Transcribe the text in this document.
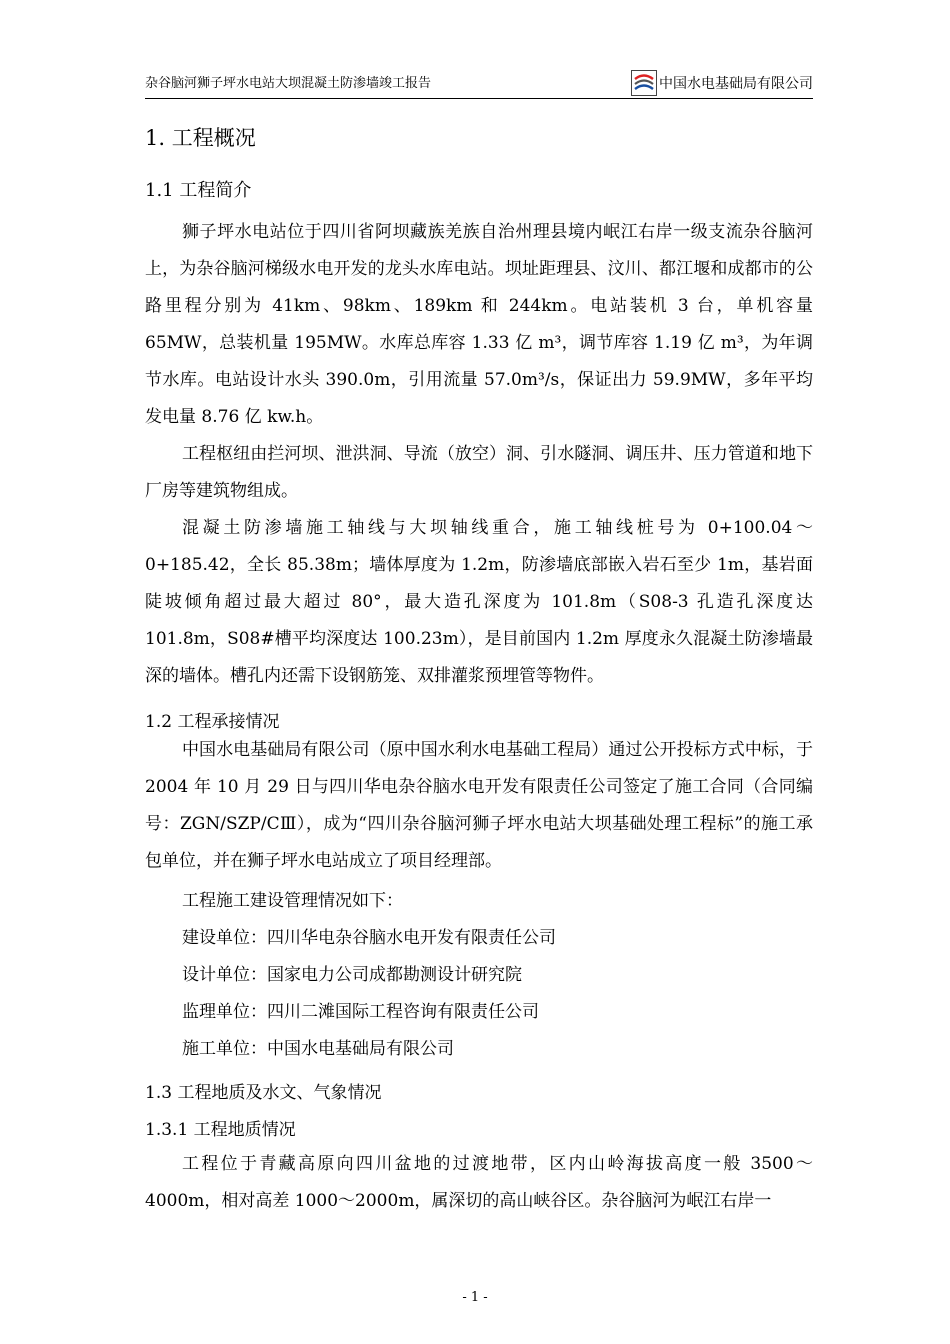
杂谷脑河狮子坪水电站大坝混凝土防渗墙竣工报告	中国水电基础局有限公司
1. 工程概况
1.1 工程简介

狮子坪水电站位于四川省阿坝藏族羌族自治州理县境内岷江右岸一级支流杂谷脑河上，为杂谷脑河梯级水电开发的龙头水库电站。坝址距理县、汶川、都江堰和成都市的公路里程分别为 41km、98km、189km 和 244km。电站装机 3 台，单机容量 65MW，总装机量 195MW。水库总库容 1.33 亿 m³，调节库容 1.19 亿 m³，为年调节水库。电站设计水头 390.0m，引用流量 57.0m³/s，保证出力 59.9MW，多年平均发电量 8.76 亿 kw.h。

工程枢纽由拦河坝、泄洪洞、导流（放空）洞、引水隧洞、调压井、压力管道和地下厂房等建筑物组成。

混凝土防渗墙施工轴线与大坝轴线重合，施工轴线桩号为 0+100.04～0+185.42，全长 85.38m；墙体厚度为 1.2m，防渗墙底部嵌入岩石至少 1m，基岩面陡坡倾角超过最大超过 80°，最大造孔深度为 101.8m（S08-3 孔造孔深度达 101.8m，S08#槽平均深度达 100.23m），是目前国内 1.2m 厚度永久混凝土防渗墙最深的墙体。槽孔内还需下设钢筋笼、双排灌浆预埋管等物件。

1.2 工程承接情况

中国水电基础局有限公司（原中国水利水电基础工程局）通过公开投标方式中标，于 2004 年 10 月 29 日与四川华电杂谷脑水电开发有限责任公司签定了施工合同（合同编号：ZGN/SZP/CⅢ），成为“四川杂谷脑河狮子坪水电站大坝基础处理工程标”的施工承包单位，并在狮子坪水电站成立了项目经理部。

工程施工建设管理情况如下：
建设单位：四川华电杂谷脑水电开发有限责任公司
设计单位：国家电力公司成都勘测设计研究院
监理单位：四川二滩国际工程咨询有限责任公司
施工单位：中国水电基础局有限公司
1.3 工程地质及水文、气象情况
1.3.1 工程地质情况

工程位于青藏高原向四川盆地的过渡地带，区内山岭海拔高度一般 3500～4000m，相对高差 1000～2000m，属深切的高山峡谷区。杂谷脑河为岷江右岸一

- 1 -
